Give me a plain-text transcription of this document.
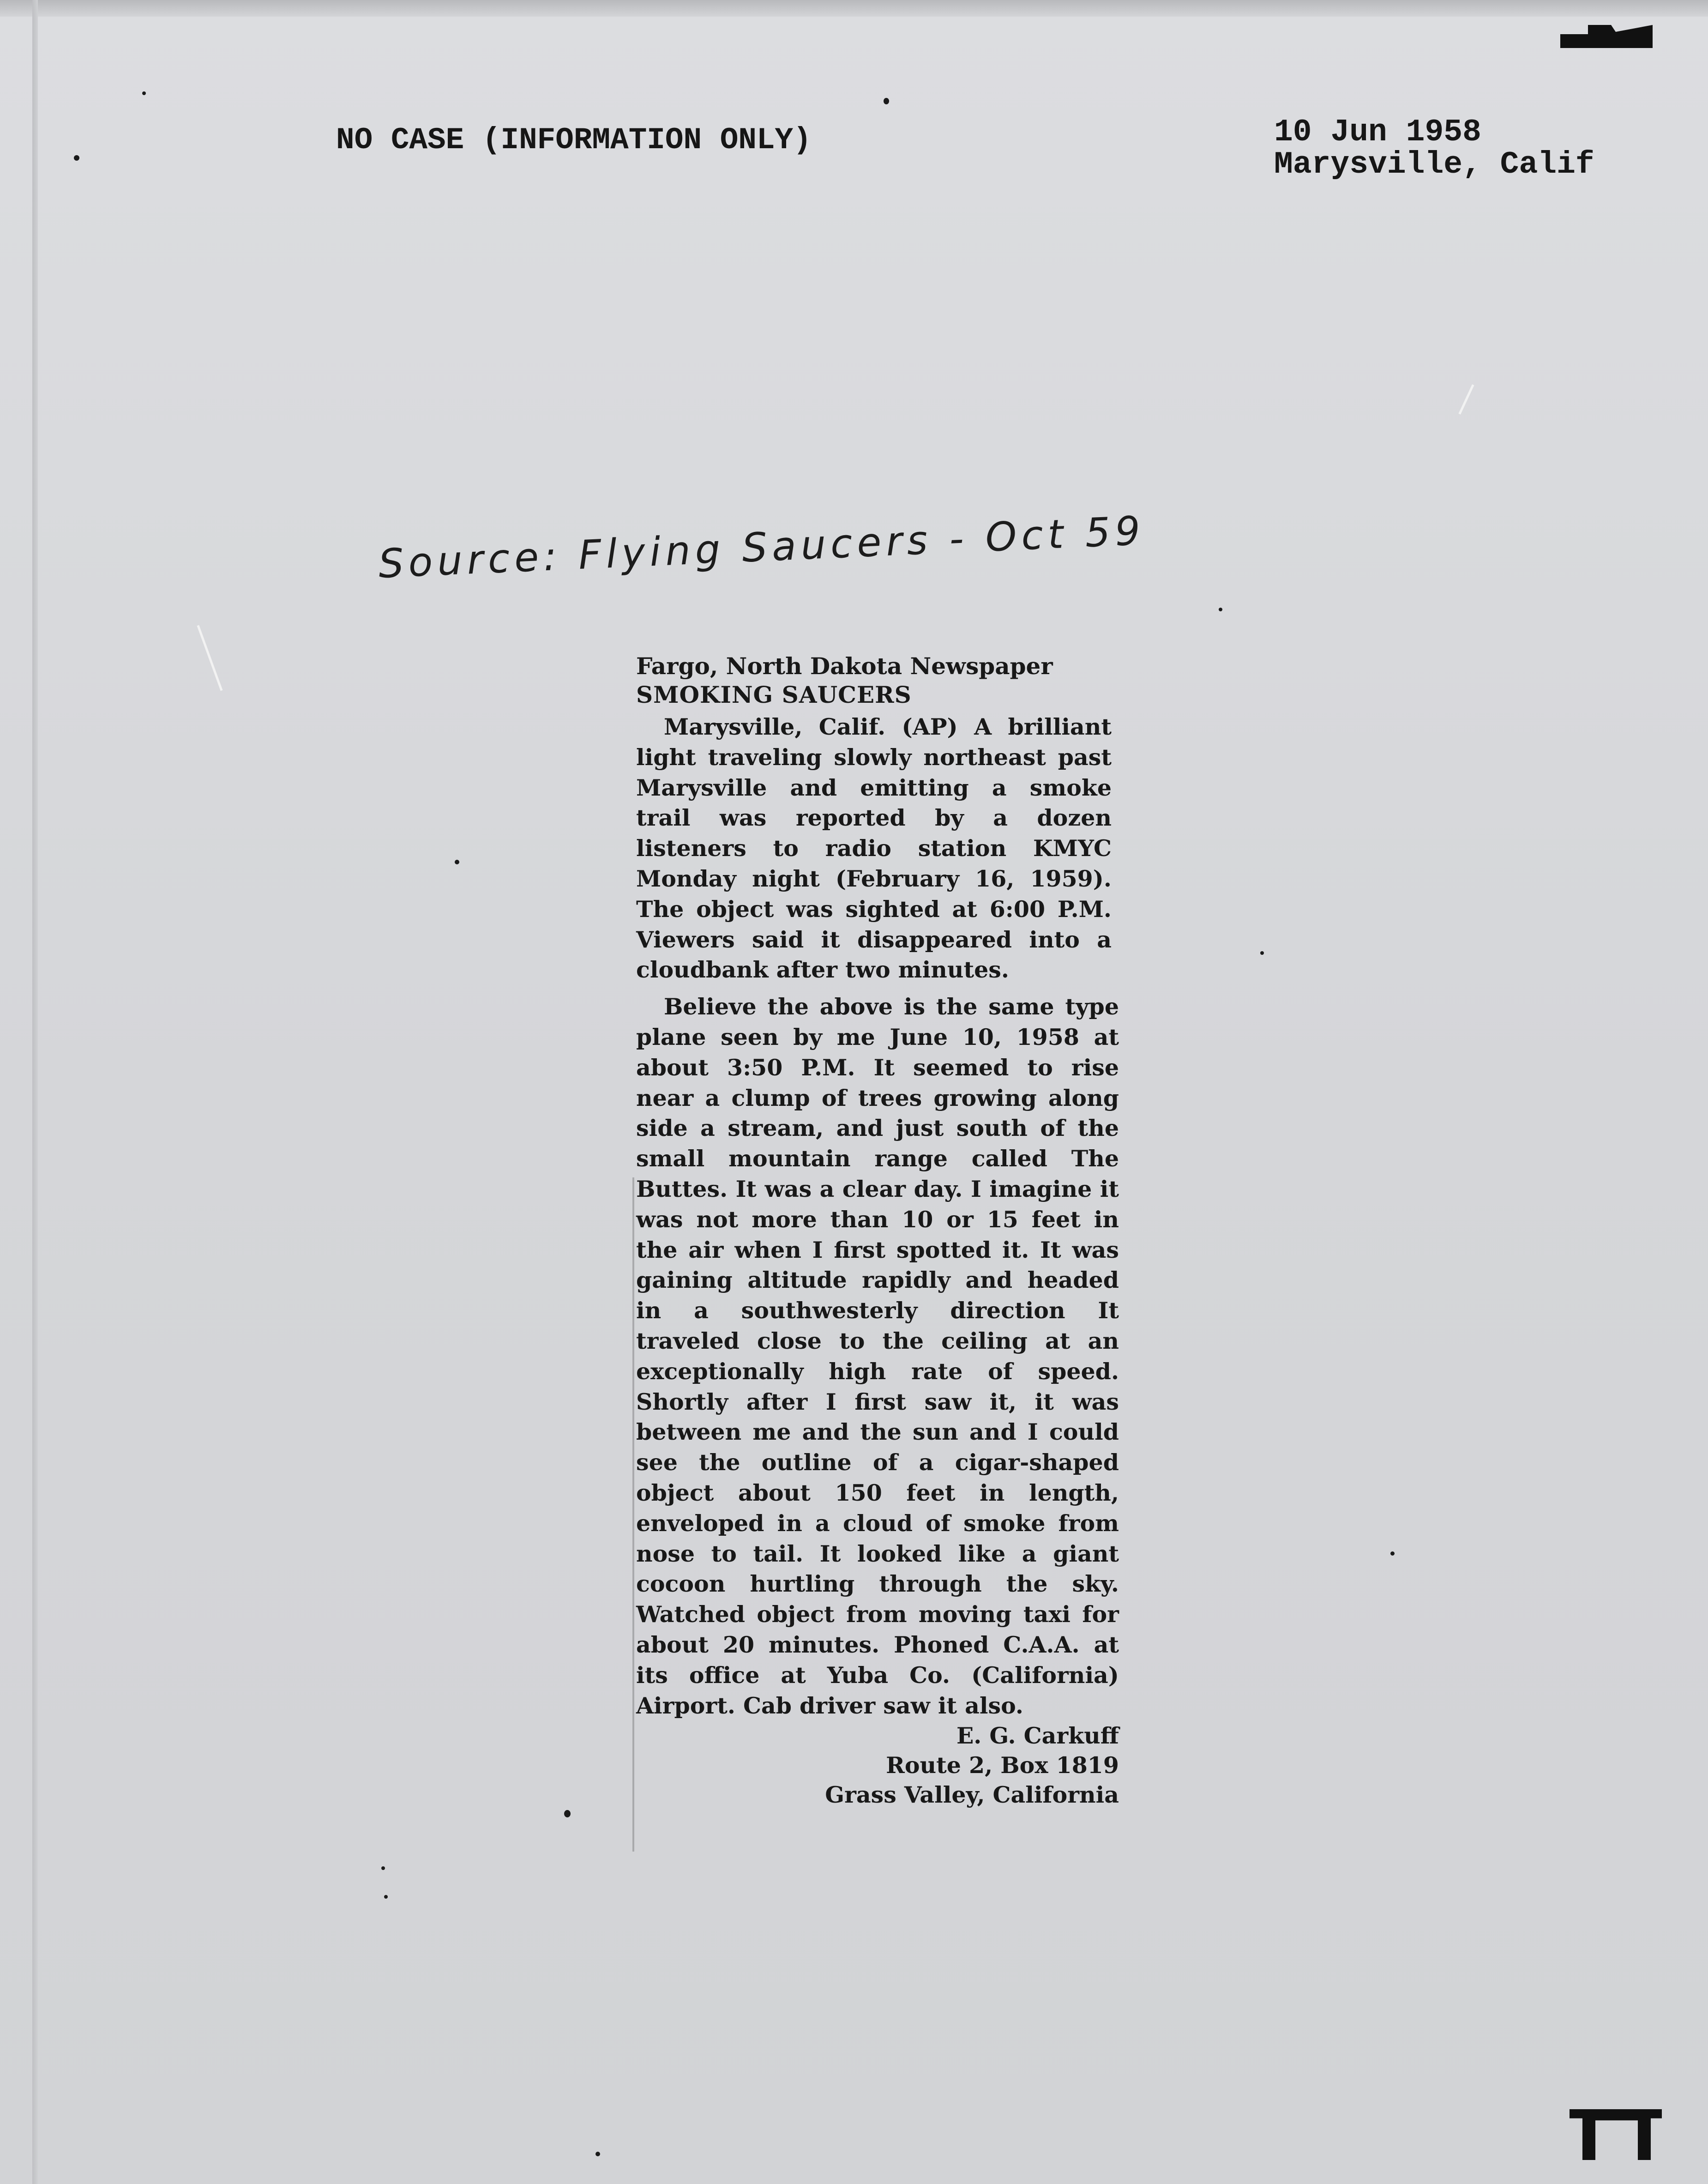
NO CASE (INFORMATION ONLY)	10 Jun 1958
Marysville, Calif
Source: Flying Saucers - Oct 59

Fargo, North Dakota Newspaper

SMOKING SAUCERS

Marysville, Calif. (AP) A brilliant light traveling slowly northeast past Marysville and emitting a smoke trail was reported by a dozen listeners to radio station KMYC Monday night (February 16, 1959). The object was sighted at 6:00 P.M. Viewers said it disappeared into a cloudbank after two minutes.

Believe the above is the same type plane seen by me June 10, 1958 at about 3:50 P.M. It seemed to rise near a clump of trees growing along side a stream, and just south of the small mountain range called The Buttes. It was a clear day. I imagine it was not more than 10 or 15 feet in the air when I first spotted it. It was gaining altitude rapidly and headed in a southwesterly direction It traveled close to the ceiling at an exceptionally high rate of speed. Shortly after I first saw it, it was between me and the sun and I could see the outline of a cigar-shaped object about 150 feet in length, enveloped in a cloud of smoke from nose to tail. It looked like a giant cocoon hurtling through the sky. Watched object from moving taxi for about 20 minutes. Phoned C.A.A. at its office at Yuba Co. (California) Airport. Cab driver saw it also.

E. G. Carkuff
Route 2, Box 1819
Grass Valley, California
